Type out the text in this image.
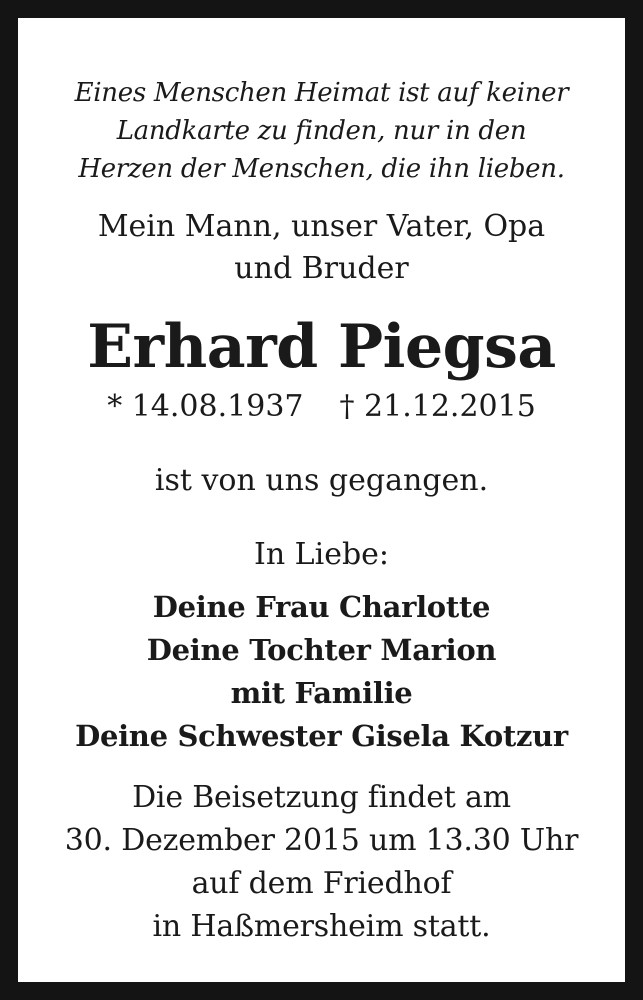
Eines Menschen Heimat ist auf keiner
Landkarte zu finden, nur in den
Herzen der Menschen, die ihn lieben.
Mein Mann, unser Vater, Opa
und Bruder
Erhard Piegsa
* 14.08.1937 † 21.12.2015
ist von uns gegangen.
In Liebe:
Deine Frau Charlotte
Deine Tochter Marion
mit Familie
Deine Schwester Gisela Kotzur
Die Beisetzung findet am
30. Dezember 2015 um 13.30 Uhr
auf dem Friedhof
in Haßmersheim statt.
